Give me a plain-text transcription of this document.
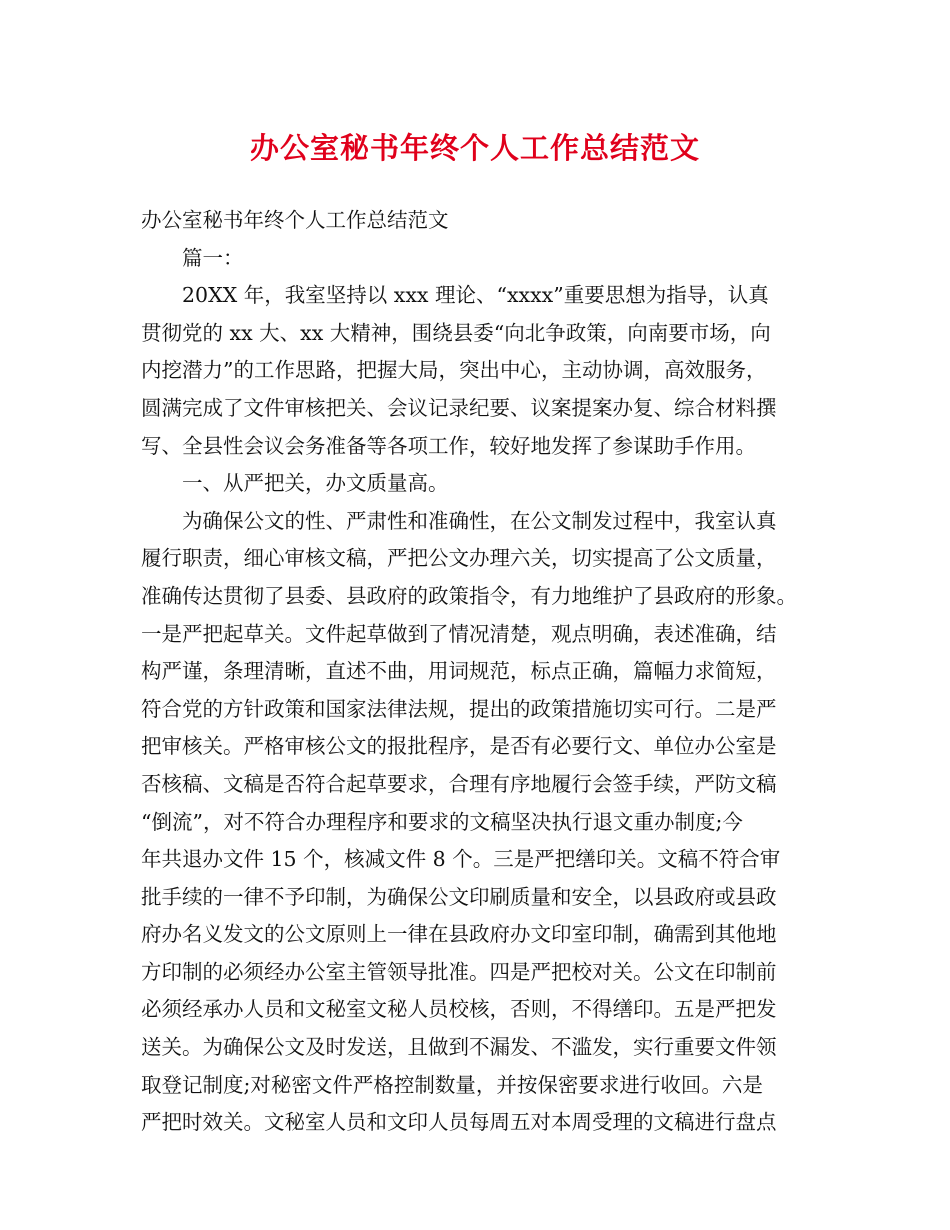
办公室秘书年终个人工作总结范文
办公室秘书年终个人工作总结范文
篇一：
20XX 年，我室坚持以 xxx 理论、“xxxx”重要思想为指导，认真
贯彻党的 xx 大、xx 大精神，围绕县委“向北争政策，向南要市场，向
内挖潜力”的工作思路，把握大局，突出中心，主动协调，高效服务，
圆满完成了文件审核把关、会议记录纪要、议案提案办复、综合材料撰
写、全县性会议会务准备等各项工作，较好地发挥了参谋助手作用。
一、从严把关，办文质量高。
为确保公文的性、严肃性和准确性，在公文制发过程中，我室认真
履行职责，细心审核文稿，严把公文办理六关，切实提高了公文质量，
准确传达贯彻了县委、县政府的政策指令，有力地维护了县政府的形象。
一是严把起草关。文件起草做到了情况清楚，观点明确，表述准确，结
构严谨，条理清晰，直述不曲，用词规范，标点正确，篇幅力求简短，
符合党的方针政策和国家法律法规，提出的政策措施切实可行。二是严
把审核关。严格审核公文的报批程序，是否有必要行文、单位办公室是
否核稿、文稿是否符合起草要求，合理有序地履行会签手续，严防文稿
“倒流”，对不符合办理程序和要求的文稿坚决执行退文重办制度;今
年共退办文件 15 个，核减文件 8 个。三是严把缮印关。文稿不符合审
批手续的一律不予印制，为确保公文印刷质量和安全，以县政府或县政
府办名义发文的公文原则上一律在县政府办文印室印制，确需到其他地
方印制的必须经办公室主管领导批准。四是严把校对关。公文在印制前
必须经承办人员和文秘室文秘人员校核，否则，不得缮印。五是严把发
送关。为确保公文及时发送，且做到不漏发、不滥发，实行重要文件领
取登记制度;对秘密文件严格控制数量，并按保密要求进行收回。六是
严把时效关。文秘室人员和文印人员每周五对本周受理的文稿进行盘点
